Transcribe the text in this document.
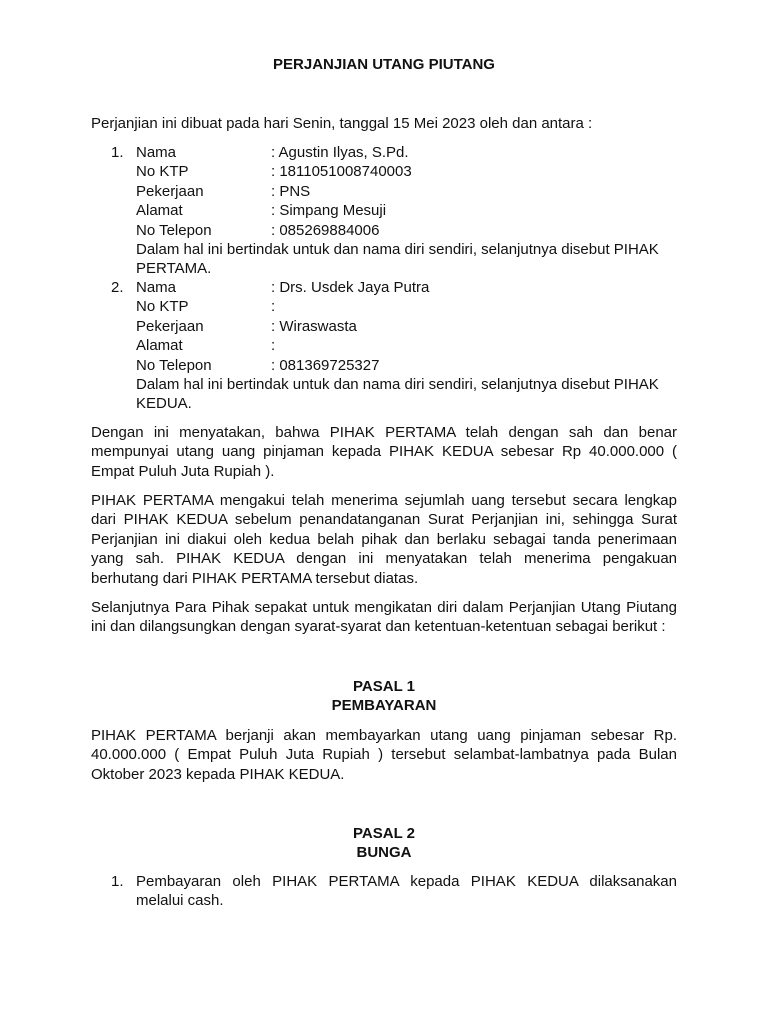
PERJANJIAN UTANG PIUTANG
Perjanjian ini dibuat pada hari Senin, tanggal 15 Mei 2023 oleh dan antara :
1. Nama	: Agustin Ilyas, S.Pd.
No KTP	: 1811051008740003
Pekerjaan	: PNS
Alamat	: Simpang Mesuji
No Telepon	: 085269884006
Dalam hal ini bertindak untuk dan nama diri sendiri, selanjutnya disebut PIHAK PERTAMA.
2. Nama	: Drs. Usdek Jaya Putra
No KTP	:
Pekerjaan	: Wiraswasta
Alamat	:
No Telepon	: 081369725327
Dalam hal ini bertindak untuk dan nama diri sendiri, selanjutnya disebut PIHAK KEDUA.
Dengan ini menyatakan, bahwa PIHAK PERTAMA telah dengan sah dan benar mempunyai utang uang pinjaman kepada PIHAK KEDUA sebesar Rp 40.000.000 ( Empat Puluh Juta Rupiah ).
PIHAK PERTAMA mengakui telah menerima sejumlah uang tersebut secara lengkap dari PIHAK KEDUA sebelum penandatanganan Surat Perjanjian ini, sehingga Surat Perjanjian ini diakui oleh kedua belah pihak dan berlaku sebagai tanda penerimaan yang sah. PIHAK KEDUA dengan ini menyatakan telah menerima pengakuan berhutang dari PIHAK PERTAMA tersebut diatas.
Selanjutnya Para Pihak sepakat untuk mengikatan diri dalam Perjanjian Utang Piutang ini dan dilangsungkan dengan syarat-syarat dan ketentuan-ketentuan sebagai berikut :
PASAL 1
PEMBAYARAN
PIHAK PERTAMA berjanji akan membayarkan utang uang pinjaman sebesar Rp. 40.000.000 ( Empat Puluh Juta Rupiah ) tersebut selambat-lambatnya pada Bulan Oktober 2023 kepada PIHAK KEDUA.
PASAL 2
BUNGA
1. Pembayaran oleh PIHAK PERTAMA kepada PIHAK KEDUA dilaksanakan melalui cash.
